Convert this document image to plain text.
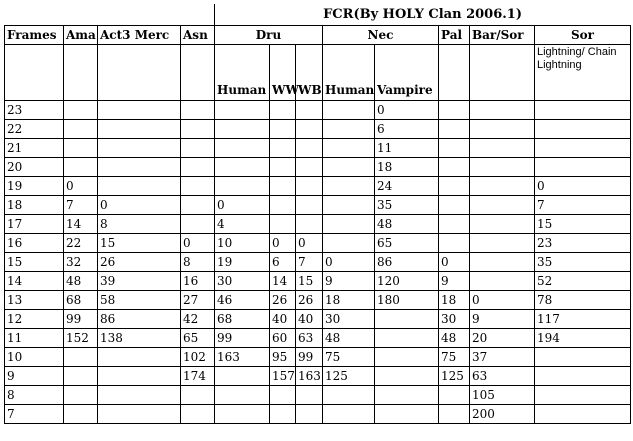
				FCR(By HOLY Clan 2006.1)							
Frames	Ama	Act3 Merc	Asn	Dru			Nec		Pal	Bar/Sor	Sor
				Human	WW	WB	Human	Vampire			Lightning/ Chain Lightning
23								0			
22								6			
21								11			
20								18			
19	0							24			0
18	7	0		0				35			7
17	14	8		4				48			15
16	22	15	0	10	0	0		65			23
15	32	26	8	19	6	7	0	86	0		35
14	48	39	16	30	14	15	9	120	9		52
13	68	58	27	46	26	26	18	180	18	0	78
12	99	86	42	68	40	40	30		30	9	117
11	152	138	65	99	60	63	48		48	20	194
10			102	163	95	99	75		75	37	
9			174		157	163	125		125	63	
8										105	
7										200	
